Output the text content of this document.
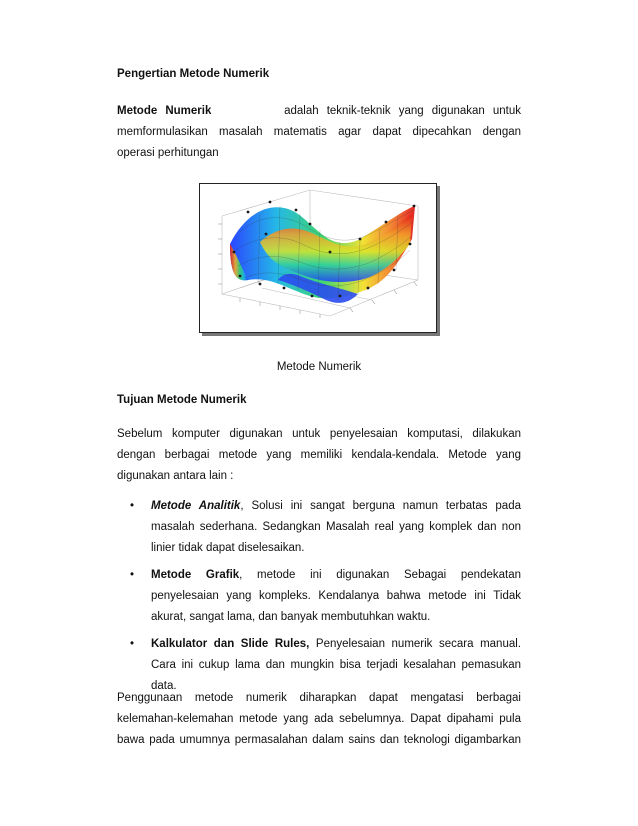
Pengertian Metode Numerik
Metode Numerik	adalah teknik-teknik yang digunakan untuk
memformulasikan masalah matematis agar dapat dipecahkan dengan
operasi perhitungan
Metode Numerik
Tujuan Metode Numerik
Sebelum komputer digunakan untuk penyelesaian komputasi, dilakukan
dengan berbagai metode yang memiliki kendala-kendala. Metode yang
digunakan antara lain :
• Metode Analitik, Solusi ini sangat berguna namun terbatas pada masalah sederhana. Sedangkan Masalah real yang komplek dan non linier tidak dapat diselesaikan.
• Metode Grafik, metode ini digunakan Sebagai pendekatan penyelesaian yang kompleks. Kendalanya bahwa metode ini Tidak akurat, sangat lama, dan banyak membutuhkan waktu.
• Kalkulator dan Slide Rules, Penyelesaian numerik secara manual. Cara ini cukup lama dan mungkin bisa terjadi kesalahan pemasukan data.
Penggunaan metode numerik diharapkan dapat mengatasi berbagai
kelemahan-kelemahan metode yang ada sebelumnya. Dapat dipahami pula
bawa pada umumnya permasalahan dalam sains dan teknologi digambarkan
